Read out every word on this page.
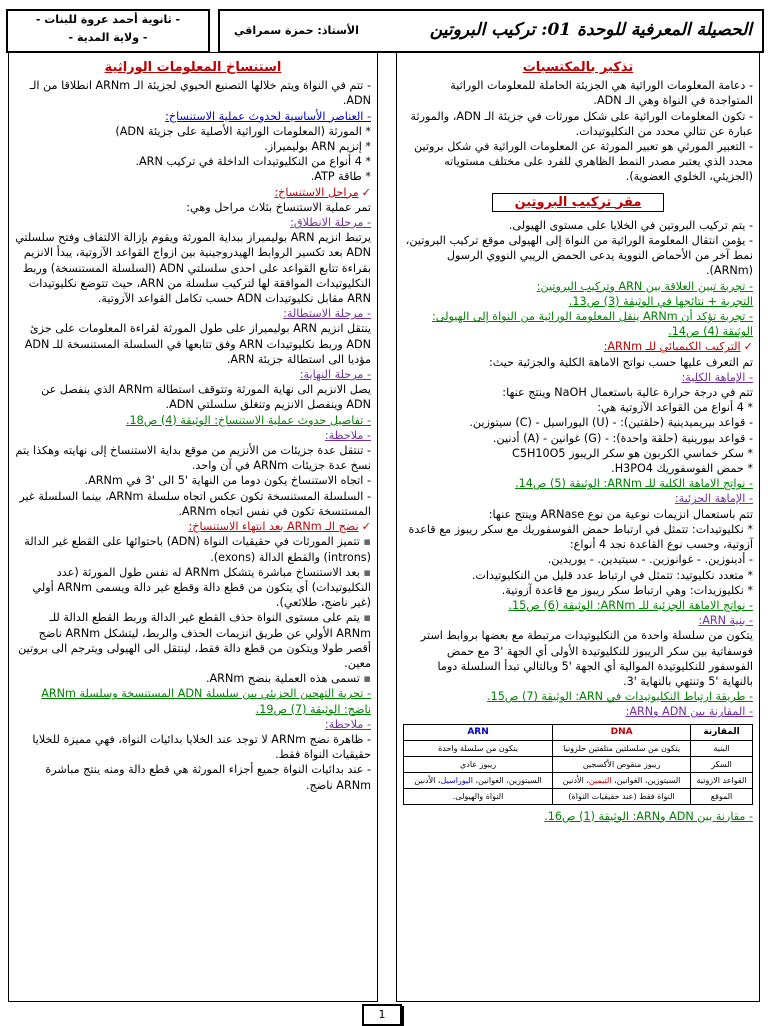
الحصيلة المعرفية للوحدة 01: تركيب البروتين
الأستاذ: حمزة سمراقي
- ثانوية أحمد عروة للبنات -
- ولاية المدية -
تذكير بالمكتسبات

- دعامة المعلومات الوراثية هي الجزيئة الحاملة للمعلومات الوراثية المتواجدة في النواة وهي الـ ADN.

- تكون المعلومات الوراثية على شكل مورثات في جزيئة الـ ADN، والمورثة عبارة عن تتالي محدد من النكليوتيدات.

- التعبير المورثي هو تعبير المورثة عن المعلومات الوراثية في شكل بروتين محدد الذي يعتبر مصدر النمط الظاهري للفرد على مختلف مستوياته (الجزيئي، الخلوي العضوية).

مقر تركيب البروتين

- يتم تركيب البروتين في الخلايا على مستوى الهيولى.

- يؤمن انتقال المعلومة الوراثية من النواة إلى الهيولى موقع تركيب البروتين، نمط آخر من الأحماض النووية يدعى الحمض الريبي النووي الرسول (ARNm).

- تجربة تبين العلاقة بين ARN وتركيب البروتين:

التجربة + نتائجها في الوثيقة (3) ص13.

- تجربة تؤكد أن ARNm ينقل المعلومة الوراثية من النواة إلى الهيولى: الوثيقة (4) ص14.

✓التركيب الكيميائي للـ ARNm:

تم التعرف عليها حسب نواتج الاماهة الكلية والجزئية حيث:

- الإماهة الكلية:

تتم في درجة حرارة عالية باستعمال NaOH وينتج عنها:

* 4 أنواع من القواعد الآزوتية هي:

- قواعد بيريميدينية (حلقتين): - (U) اليوراسيل - (C) سيتوزين.

- قواعد بيورينية (حلقة واحدة): - (G) غوانين - (A) أدنين.

* سكر خماسي الكربون هو سكر الريبوز C5H10O5

* حمض الفوسفوريك H3PO4.

- نواتج الاماهة الكلية للـ ARNm: الوثيقة (5) ص14.

- الإماهة الجزئية:

تتم باستعمال انزيمات نوعية من نوع ARNase وينتج عنها:

* نكليوتيدات: تتمثل في ارتباط حمض الفوسفوريك مع سكر ريبوز مع قاعدة آزوتية، وحسب نوع القاعدة نجد 4 أنواع:

- أدينوزين. - غوانوزين. - سيتيدين. - يوريدين.

* متعدد نكليوتيد: تتمثل في ارتباط عدد قليل من النكليوتيدات.

* نكليوزيدات: وهي ارتباط سكر ريبوز مع قاعدة آزوتية.

- نواتج الاماهة الجزئية للـ ARNm: الوثيقة (6) ص15.

- بنية ARN:

يتكون من سلسلة واحدة من النكليوتيدات مرتبطة مع بعضها بروابط استر فوسفاتية بين سكر الريبوز للنكليوتيدة الأولى أي الجهة '3 مع حمض الفوسفور للنكليوتيدة الموالية أي الجهة '5 وبالتالي تبدأ السلسلة دوما بالنهاية '5 وتنتهي بالنهاية '3.

- طريقة ارتباط النكليوتيدات في ARN: الوثيقة (7) ص15.

- المقارنة بين ADN وARN:

المقارنة	DNA	ARN
البنية	يتكون من سلسلتين متلفتين حلزونيا	يتكون من سلسلة واحدة
السكر	ريبوز منقوص الأكسجين	ريبوز عادي
القواعد الازوتية	السيتوزين، الغوانين، التيمين، الأدنين	السيتوزين، الغوانين، اليوراسيل، الأدنين
الموقع	النواة فقط (عند حقيقيات النواة)	النواة والهيولى.

- مقارنة بين ADN وARN: الوثيقة (1) ص16.

استنساخ المعلومات الوراثية

- تتم في النواة ويتم خلالها التصنيع الحيوي لجزيئة الـ ARNm انطلاقا من الـ ADN.

- العناصر الأساسية لحدوث عملية الاستنساخ:

* المورثة (المعلومات الوراثية الأصلية على جزيئة ADN)

* إنزيم ARN بوليميراز.

* 4 أنواع من النكليوتيدات الداخلة في تركيب ARN.

* طاقة ATP.

✓مراحل الاستنساخ:

تمر عملية الاستنساخ بثلاث مراحل وهي:

- مرحلة الانطلاق:

يرتبط انزيم ARN بوليميراز ببداية المورثة ويقوم بإزالة الالتفاف وفتح سلسلتي ADN بعد تكسير الروابط الهيدروجينية بين ازواج القواعد الآزوتية، يبدأ الانزيم بقراءة تتابع القواعد على احدى سلسلتي ADN (السلسلة المستنسخة) وربط النكليوتيدات الموافقة لها لتركيب سلسلة من ARN، حيث تتوضع نكليوتيدات ARN مقابل نكليوتيدات ADN حسب تكامل القواعد الآزوتية.

- مرحلة الاستطالة:

ينتقل انزيم ARN بوليميراز على طول المورثة لقراءة المعلومات على جزئ ADN وربط نكليوتيدات ARN وفق تتابعها في السلسلة المستنسخة للـ ADN مؤديا الى استطالة جزيئة ARN.

- مرحلة النهاية:

يصل الانزيم الى نهاية المورثة وتتوقف استطالة ARNm الذي ينفصل عن ADN وينفصل الانزيم وتنغلق سلسلتي ADN.

- تفاصيل حدوث عملية الاستنساخ: الوثيقة (4) ص18.

- ملاحظة:

- تنتقل عدة جزيئات من الأنزيم من موقع بداية الاستنساخ إلى نهايته وهكذا يتم نسخ عدة جزيئات ARNm في آن واحد.

- اتجاه الاستنساخ يكون دوما من النهاية '5 الى '3 في ARNm.

- السلسلة المستنسخة تكون عكس اتجاه سلسلة ARNm، بينما السلسلة غير المستنسخة تكون في نفس اتجاه ARNm.

✓نضج الـ ARNm بعد انتهاء الاستنساخ:

▪ تتميز المورثات في حقيقيات النواة (ADN) باحتوائها على القطع غير الدالة (introns) والقطع الدالة (exons).

▪ بعد الاستنساخ مباشرة يتشكل ARNm له نفس طول المورثة (عدد النكليوتيدات) أي يتكون من قطع دالة وقطع غير دالة ويسمى ARNm أولي (غير ناضج، طلائعي).

▪ يتم على مستوى النواة حذف القطع غير الدالة وربط القطع الدالة للـ ARNm الأولي عن طريق انزيمات الحذف والربط، ليتشكل ARNm ناضج أقصر طولا ويتكون من قطع دالة فقط، لينتقل الى الهيولى ويترجم الى بروتين معين.

▪ تسمى هذه العملية بنضج ARNm.

- تجربة التهجين الجزيئي بين سلسلة ADN المستنسخة وسلسلة ARNm ناضج: الوثيقة (7) ص19.

- ملاحظة:

- ظاهرة نضج ARNm لا توجد عند الخلايا بدائيات النواة، فهي مميزة للخلايا حقيقيات النواة فقط.

- عند بدائيات النواة جميع أجزاء المورثة هي قطع دالة ومنه ينتج مباشرة ARNm ناضج.

1
